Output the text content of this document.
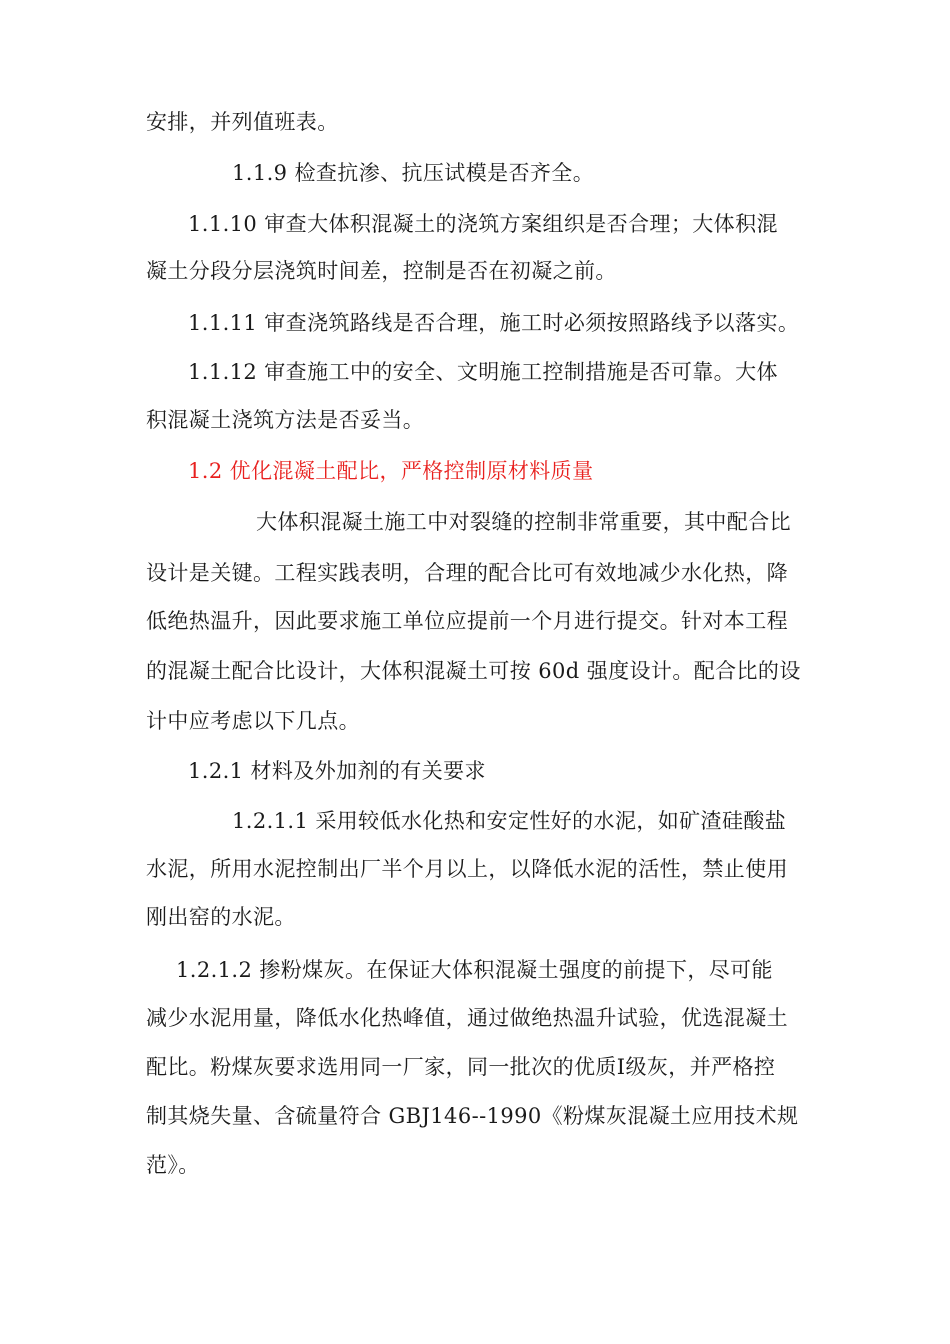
安排，并列值班表。
1.1.9 检查抗渗、抗压试模是否齐全。
1.1.10 审查大体积混凝土的浇筑方案组织是否合理；大体积混
凝土分段分层浇筑时间差，控制是否在初凝之前。
1.1.11 审查浇筑路线是否合理，施工时必须按照路线予以落实。
1.1.12 审查施工中的安全、文明施工控制措施是否可靠。大体
积混凝土浇筑方法是否妥当。
1.2 优化混凝土配比，严格控制原材料质量
大体积混凝土施工中对裂缝的控制非常重要，其中配合比
设计是关键。工程实践表明，合理的配合比可有效地减少水化热，降
低绝热温升，因此要求施工单位应提前一个月进行提交。针对本工程
的混凝土配合比设计，大体积混凝土可按 60d 强度设计。配合比的设
计中应考虑以下几点。
1.2.1 材料及外加剂的有关要求
1.2.1.1 采用较低水化热和安定性好的水泥，如矿渣硅酸盐
水泥，所用水泥控制出厂半个月以上，以降低水泥的活性，禁止使用
刚出窑的水泥。
1.2.1.2 掺粉煤灰。在保证大体积混凝土强度的前提下，尽可能
减少水泥用量，降低水化热峰值，通过做绝热温升试验，优选混凝土
配比。粉煤灰要求选用同一厂家，同一批次的优质Ⅰ级灰，并严格控
制其烧失量、含硫量符合 GBJ146--1990《粉煤灰混凝土应用技术规
范》。
